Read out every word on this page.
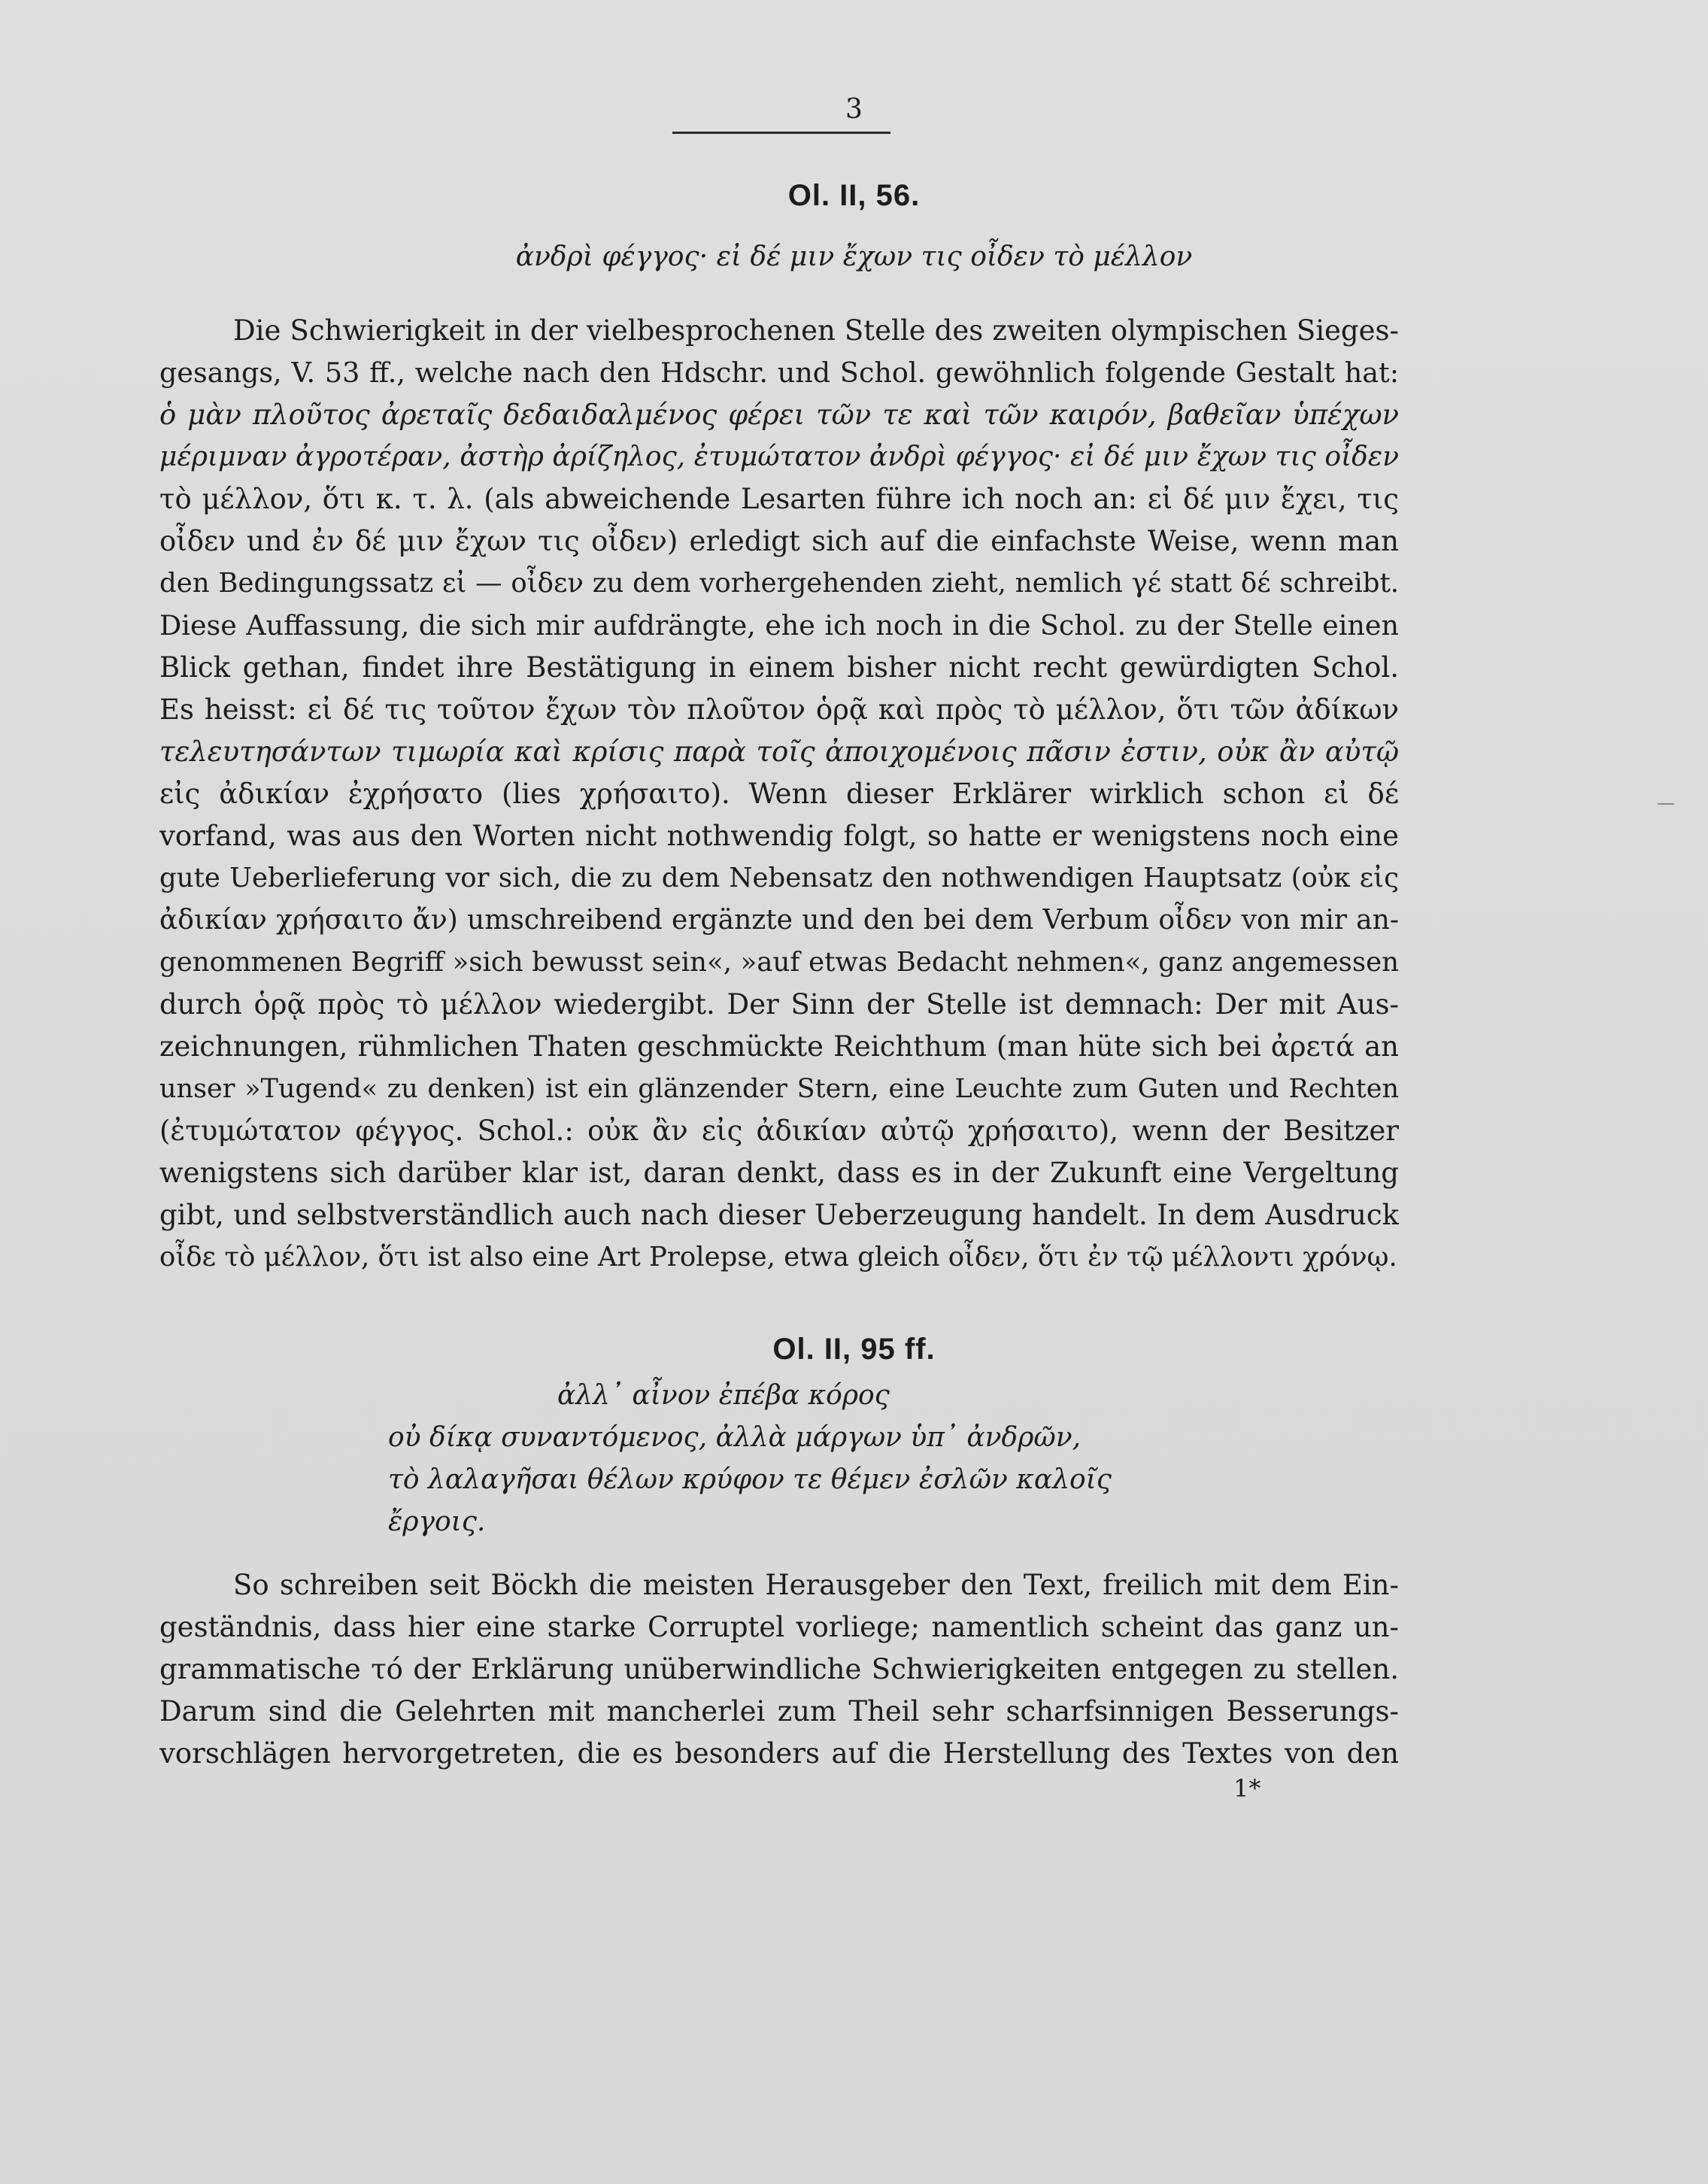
3
Ol. II, 56.
ἀνδρὶ φέγγος· εἰ δέ μιν ἔχων τις οἶδεν τὸ μέλλον
Die Schwierigkeit in der vielbesprochenen Stelle des zweiten olympischen Sieges-
gesangs, V. 53 ff., welche nach den Hdschr. und Schol. gewöhnlich folgende Gestalt hat:
ὁ μὰν πλοῦτος ἀρεταῖς δεδαιδαλμένος φέρει τῶν τε καὶ τῶν καιρόν, βαθεῖαν ὑπέχων
μέριμναν ἀγροτέραν, ἀστὴρ ἀρίζηλος, ἐτυμώτατον ἀνδρὶ φέγγος· εἰ δέ μιν ἔχων τις οἶδεν
τὸ μέλλον, ὅτι κ. τ. λ. (als abweichende Lesarten führe ich noch an: εἰ δέ μιν ἔχει, τις
οἶδεν und ἐν δέ μιν ἔχων τις οἶδεν) erledigt sich auf die einfachste Weise, wenn man
den Bedingungssatz εἰ — οἶδεν zu dem vorhergehenden zieht, nemlich γέ statt δέ schreibt.
Diese Auffassung, die sich mir aufdrängte, ehe ich noch in die Schol. zu der Stelle einen
Blick gethan, findet ihre Bestätigung in einem bisher nicht recht gewürdigten Schol.
Es heisst: εἰ δέ τις τοῦτον ἔχων τὸν πλοῦτον ὁρᾷ καὶ πρὸς τὸ μέλλον, ὅτι τῶν ἀδίκων
τελευτησάντων τιμωρία καὶ κρίσις παρὰ τοῖς ἀποιχομένοις πᾶσιν ἐστιν, οὐκ ἂν αὐτῷ
εἰς ἀδικίαν ἐχρήσατο (lies χρήσαιτο). Wenn dieser Erklärer wirklich schon εἰ δέ
vorfand, was aus den Worten nicht nothwendig folgt, so hatte er wenigstens noch eine
gute Ueberlieferung vor sich, die zu dem Nebensatz den nothwendigen Hauptsatz (οὐκ εἰς
ἀδικίαν χρήσαιτο ἄν) umschreibend ergänzte und den bei dem Verbum οἶδεν von mir an-
genommenen Begriff »sich bewusst sein«, »auf etwas Bedacht nehmen«, ganz angemessen
durch ὁρᾷ πρὸς τὸ μέλλον wiedergibt. Der Sinn der Stelle ist demnach: Der mit Aus-
zeichnungen, rühmlichen Thaten geschmückte Reichthum (man hüte sich bei ἀρετά an
unser »Tugend« zu denken) ist ein glänzender Stern, eine Leuchte zum Guten und Rechten
(ἐτυμώτατον φέγγος. Schol.: οὐκ ἂν εἰς ἀδικίαν αὐτῷ χρήσαιτο), wenn der Besitzer
wenigstens sich darüber klar ist, daran denkt, dass es in der Zukunft eine Vergeltung
gibt, und selbstverständlich auch nach dieser Ueberzeugung handelt. In dem Ausdruck
οἶδε τὸ μέλλον, ὅτι ist also eine Art Prolepse, etwa gleich οἶδεν, ὅτι ἐν τῷ μέλλοντι χρόνῳ.
Ol. II, 95 ff.
ἀλλ᾽ αἶνον ἐπέβα κόρος
οὐ δίκᾳ συναντόμενος, ἀλλὰ μάργων ὑπ᾽ ἀνδρῶν,
τὸ λαλαγῆσαι θέλων κρύφον τε θέμεν ἐσλῶν καλοῖς
ἔργοις.
So schreiben seit Böckh die meisten Herausgeber den Text, freilich mit dem Ein-
geständnis, dass hier eine starke Corruptel vorliege; namentlich scheint das ganz un-
grammatische τό der Erklärung unüberwindliche Schwierigkeiten entgegen zu stellen.
Darum sind die Gelehrten mit mancherlei zum Theil sehr scharfsinnigen Besserungs-
vorschlägen hervorgetreten, die es besonders auf die Herstellung des Textes von den
1*
